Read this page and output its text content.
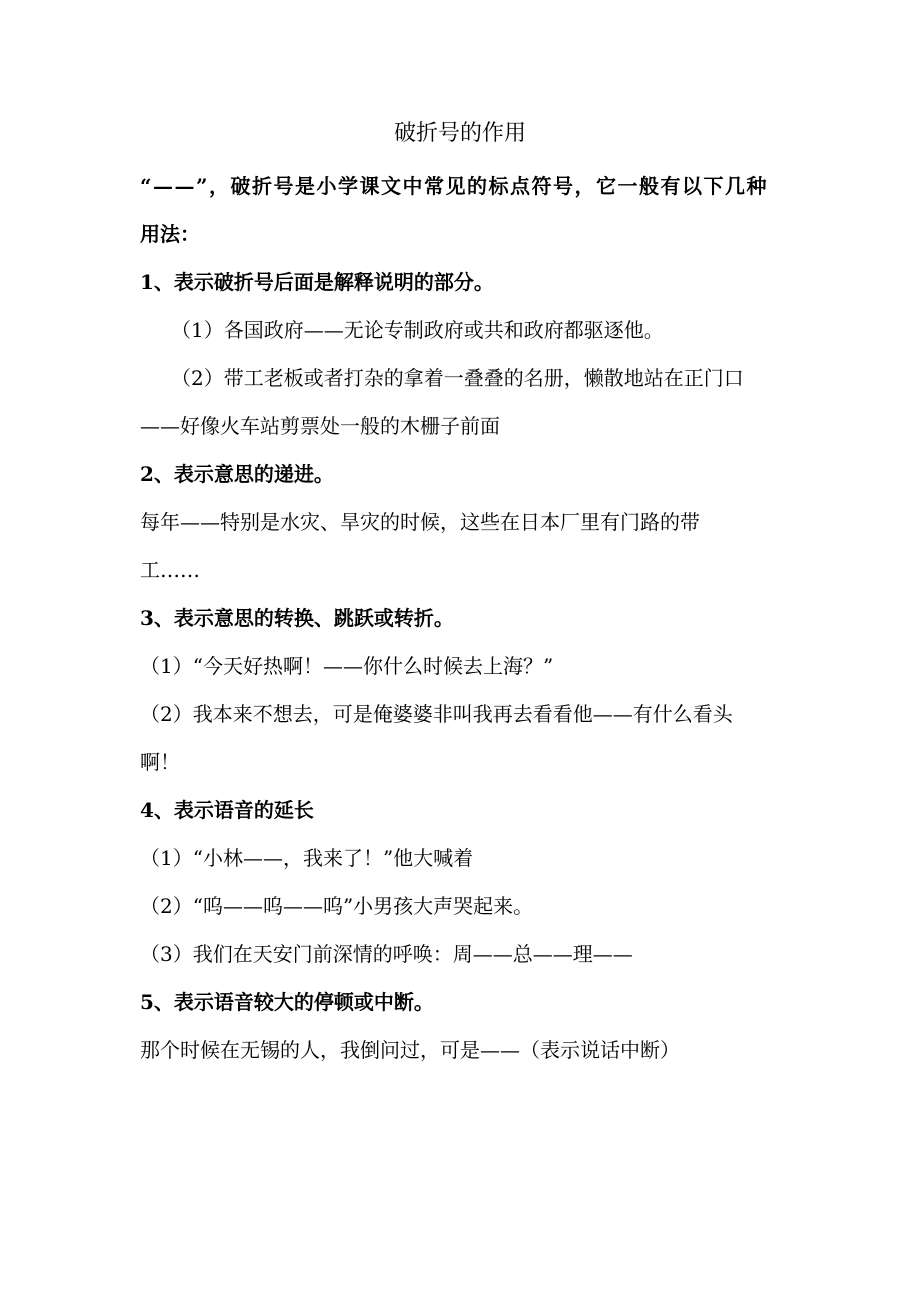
破折号的作用
“——”，破折号是小学课文中常见的标点符号，它一般有以下几种
用法：
1、表示破折号后面是解释说明的部分。
（1）各国政府——无论专制政府或共和政府都驱逐他。
（2）带工老板或者打杂的拿着一叠叠的名册，懒散地站在正门口
——好像火车站剪票处一般的木栅子前面
2、表示意思的递进。
每年——特别是水灾、旱灾的时候，这些在日本厂里有门路的带
工……
3、表示意思的转换、跳跃或转折。
（1）“今天好热啊！——你什么时候去上海？”
（2）我本来不想去，可是俺婆婆非叫我再去看看他——有什么看头
啊！
4、表示语音的延长
（1）“小林——，我来了！”他大喊着
（2）“呜——呜——呜”小男孩大声哭起来。
（3）我们在天安门前深情的呼唤：周——总——理——
5、表示语音较大的停顿或中断。
那个时候在无锡的人，我倒问过，可是——（表示说话中断）
